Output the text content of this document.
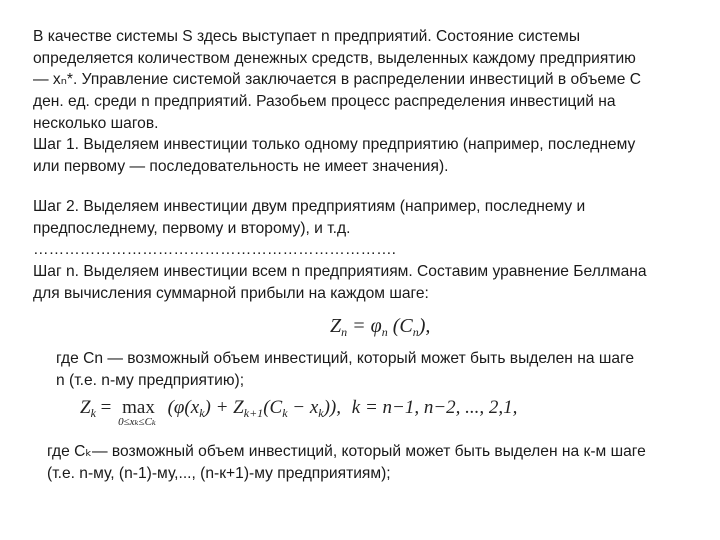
В качестве системы S здесь выступает n предприятий. Состояние системы
определяется количеством денежных средств, выделенных каждому предприятию
— xₙ*. Управление системой заключается в распределении инвестиций в объеме C
ден. ед. среди n предприятий. Разобьем процесс распределения инвестиций на
несколько шагов.
Шаг 1. Выделяем инвестиции только одному предприятию (например, последнему
или первому — последовательность не имеет значения).
Шаг 2. Выделяем инвестиции двум предприятиям (например, последнему и
предпоследнему, первому и второму), и т.д.
…………………………………………………………….
Шаг n. Выделяем инвестиции всем n предприятиям. Составим уравнение Беллмана
для вычисления суммарной прибыли на каждом шаге:
$Z_n = \varphi_n$ $(C_n)$,
где Cn — возможный объем инвестиций, который может быть выделен на шаге
n (т.е. n-му предприятию);
$Z_k = \max$
0≤xₖ≤Cₖ
$(\varphi(x_k) + Z_{k+1}(C_k - x_k))$, k = n−1, n−2, ..., 2,1,
где Cₖ— возможный объем инвестиций, который может быть выделен на к-м шаге
(т.е. n-му, (n-1)-му,..., (n-к+1)-му предприятиям);
